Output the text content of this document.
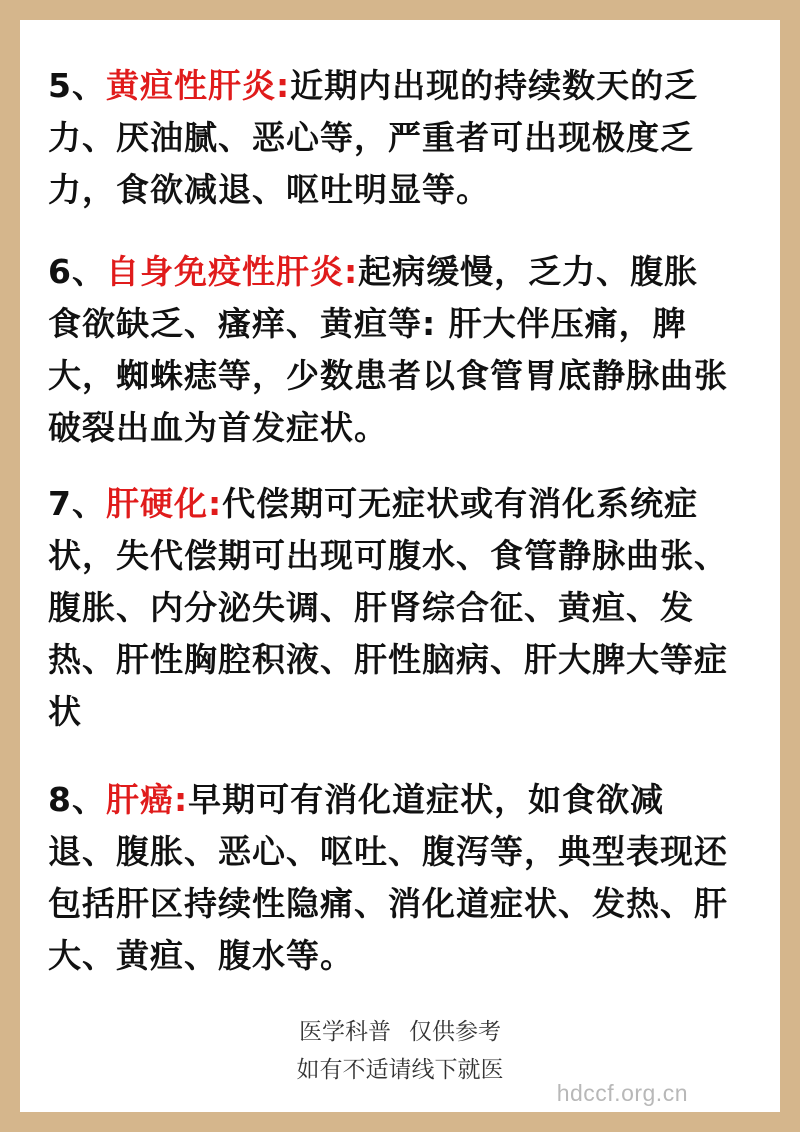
5、黄疸性肝炎:近期内出现的持续数天的乏力、厌油腻、恶心等，严重者可出现极度乏力，食欲减退、呕吐明显等。

6、自身免疫性肝炎:起病缓慢，乏力、腹胀食欲缺乏、瘙痒、黄疸等: 肝大伴压痛，脾大，蜘蛛痣等，少数患者以食管胃底静脉曲张破裂出血为首发症状。

7、肝硬化:代偿期可无症状或有消化系统症状，失代偿期可出现可腹水、食管静脉曲张、腹胀、内分泌失调、肝肾综合征、黄疸、发热、肝性胸腔积液、肝性脑病、肝大脾大等症状

8、肝癌:早期可有消化道症状，如食欲减退、腹胀、恶心、呕吐、腹泻等，典型表现还包括肝区持续性隐痛、消化道症状、发热、肝大、黄疸、腹水等。

医学科普 仅供参考
如有不适请线下就医
hdccf.org.cn
